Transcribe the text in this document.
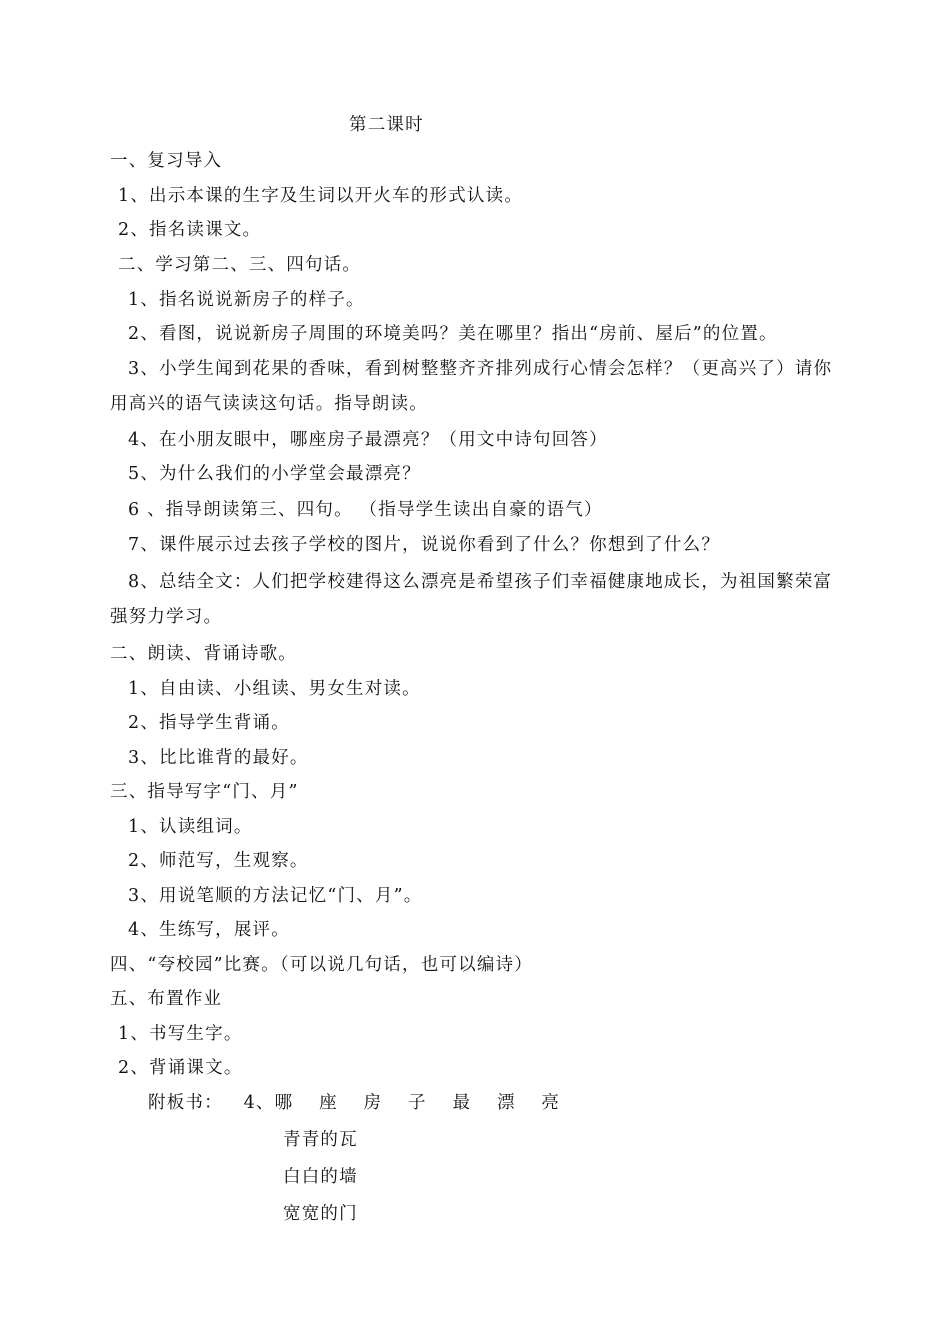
第二课时
一、复习导入
1、出示本课的生字及生词以开火车的形式认读。
2、指名读课文。
二、学习第二、三、四句话。
1、指名说说新房子的样子。
2、看图，说说新房子周围的环境美吗？美在哪里？指出“房前、屋后”的位置。
3、小学生闻到花果的香味，看到树整整齐齐排列成行心情会怎样？（更高兴了）请你用高兴的语气读读这句话。指导朗读。
4、在小朋友眼中，哪座房子最漂亮？（用文中诗句回答）
5、为什么我们的小学堂会最漂亮？
6 、指导朗读第三、四句。 （指导学生读出自豪的语气）
7、课件展示过去孩子学校的图片，说说你看到了什么？你想到了什么？
8、总结全文：人们把学校建得这么漂亮是希望孩子们幸福健康地成长，为祖国繁荣富强努力学习。
二、朗读、背诵诗歌。
1、自由读、小组读、男女生对读。
2、指导学生背诵。
3、比比谁背的最好。
三、指导写字“门、月”
1、认读组词。
2、师范写，生观察。
3、用说笔顺的方法记忆“门、月”。
4、生练写，展评。
四、“夸校园”比赛。（可以说几句话，也可以编诗）
五、布置作业
1、书写生字。
2、背诵课文。
附板书： 4、哪 座 房 子 最 漂 亮
青青的瓦
白白的墙
宽宽的门
